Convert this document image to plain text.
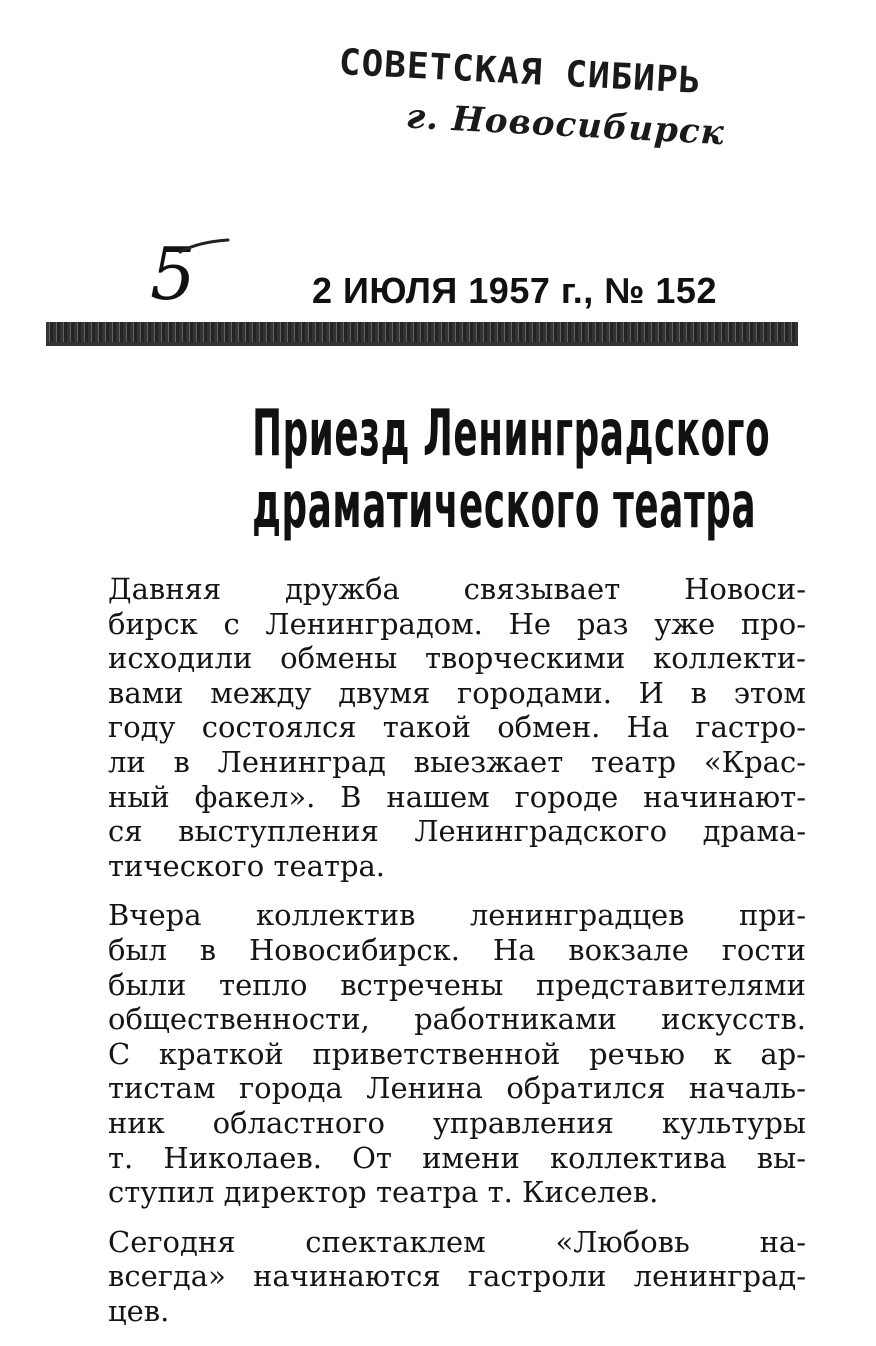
СОВЕТСКАЯ СИБИРЬ
г. Новосибирск
5	2 ИЮЛЯ 1957 г., № 152
Приезд Ленинградского
драматического театра
Давняя дружба связывает Новоси-
бирск с Ленинградом. Не раз уже про-
исходили обмены творческими коллекти-
вами между двумя городами. И в этом
году состоялся такой обмен. На гастро-
ли в Ленинград выезжает театр «Крас-
ный факел». В нашем городе начинают-
ся выступления Ленинградского драма-
тического театра.
Вчера коллектив ленинградцев при-
был в Новосибирск. На вокзале гости
были тепло встречены представителями
общественности, работниками искусств.
С краткой приветственной речью к ар-
тистам города Ленина обратился началь-
ник областного управления культуры
т. Николаев. От имени коллектива вы-
ступил директор театра т. Киселев.
Сегодня спектаклем «Любовь на-
всегда» начинаются гастроли ленинград-
цев.
